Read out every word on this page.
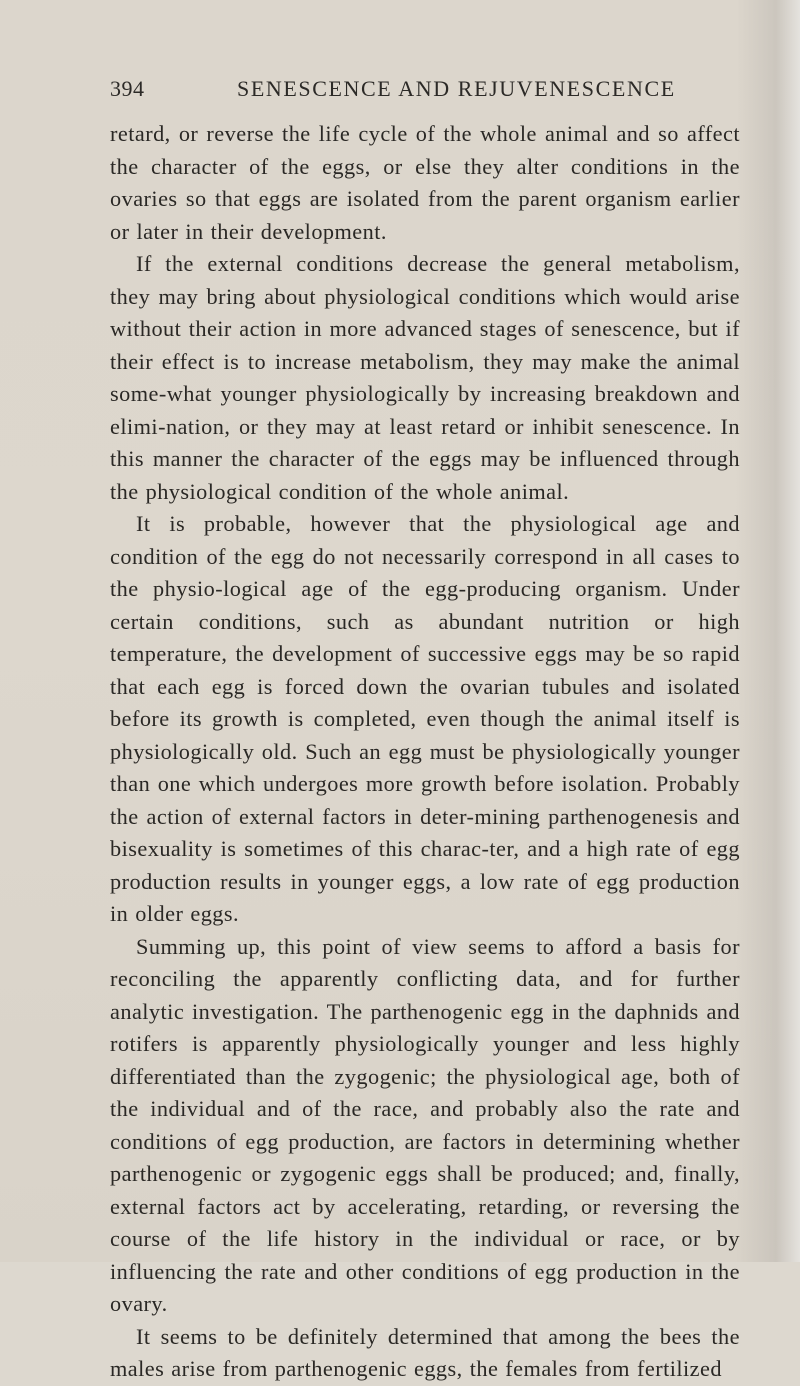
394	SENESCENCE AND REJUVENESCENCE

retard, or reverse the life cycle of the whole animal and so affect the character of the eggs, or else they alter conditions in the ovaries so that eggs are isolated from the parent organism earlier or later in their development.

If the external conditions decrease the general metabolism, they may bring about physiological conditions which would arise without their action in more advanced stages of senescence, but if their effect is to increase metabolism, they may make the animal some-what younger physiologically by increasing breakdown and elimi-nation, or they may at least retard or inhibit senescence. In this manner the character of the eggs may be influenced through the physiological condition of the whole animal.

It is probable, however that the physiological age and condition of the egg do not necessarily correspond in all cases to the physio-logical age of the egg-producing organism. Under certain conditions, such as abundant nutrition or high temperature, the development of successive eggs may be so rapid that each egg is forced down the ovarian tubules and isolated before its growth is completed, even though the animal itself is physiologically old. Such an egg must be physiologically younger than one which undergoes more growth before isolation. Probably the action of external factors in deter-mining parthenogenesis and bisexuality is sometimes of this charac-ter, and a high rate of egg production results in younger eggs, a low rate of egg production in older eggs.

Summing up, this point of view seems to afford a basis for reconciling the apparently conflicting data, and for further analytic investigation. The parthenogenic egg in the daphnids and rotifers is apparently physiologically younger and less highly differentiated than the zygogenic; the physiological age, both of the individual and of the race, and probably also the rate and conditions of egg production, are factors in determining whether parthenogenic or zygogenic eggs shall be produced; and, finally, external factors act by accelerating, retarding, or reversing the course of the life history in the individual or race, or by influencing the rate and other conditions of egg production in the ovary.

It seems to be definitely determined that among the bees the males arise from parthenogenic eggs, the females from fertilized
